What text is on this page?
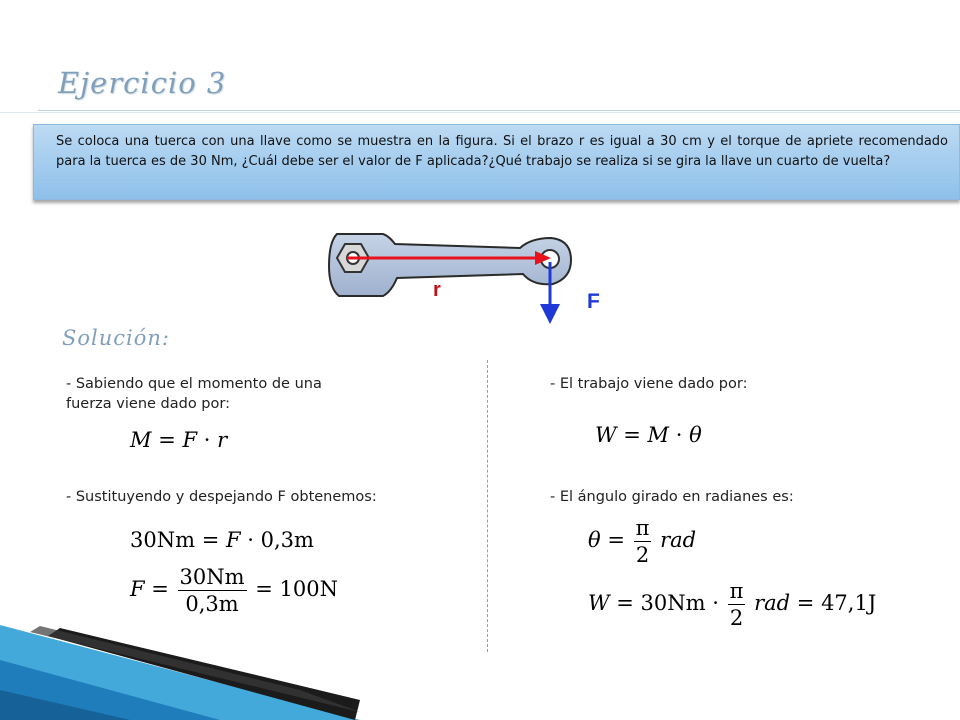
Ejercicio 3
Se coloca una tuerca con una llave como se muestra en la figura. Si el brazo r es igual a 30 cm y el torque de apriete recomendado para la tuerca es de 30 Nm, ¿Cuál debe ser el valor de F aplicada?¿Qué trabajo se realiza si se gira la llave un cuarto de vuelta?
r	F
Solución:
- Sabiendo que el momento de una fuerza viene dado por:
M = F · r
- Sustituyendo y despejando F obtenemos:
30Nm = F · 0,3m
$F = \frac{30Nm}{0,3m} = 100N$
- El trabajo viene dado por:
W = M · θ
- El ángulo girado en radianes es:
$\theta = \frac{\pi}{2}$ rad
$W = 30Nm \cdot \frac{\pi}{2}$ rad = 47,1J
